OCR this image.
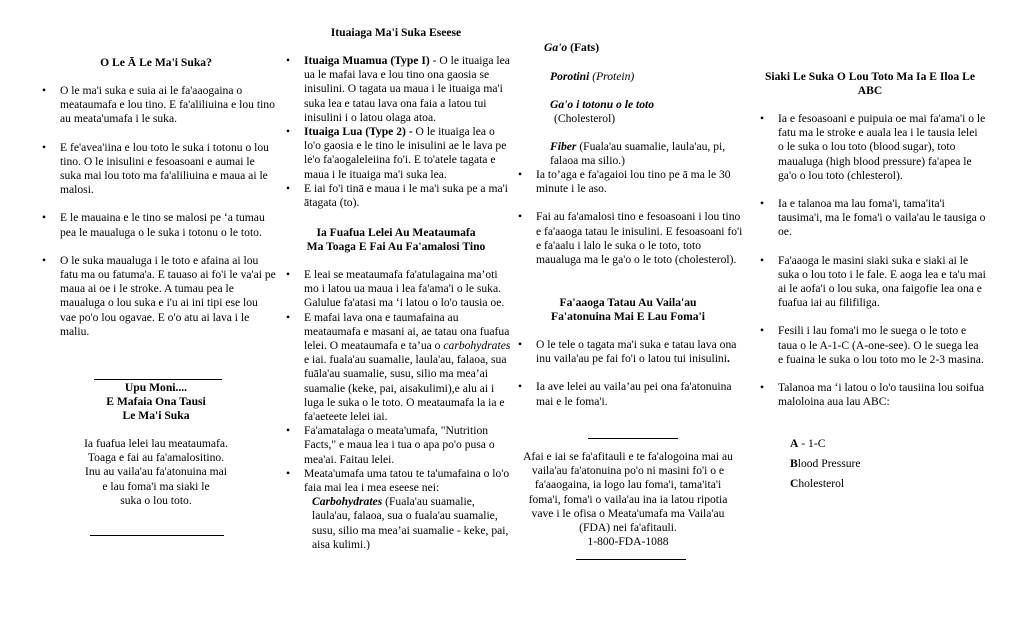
O Le Ā Le Ma'i Suka?
• O le ma'i suka e suia ai le fa'aaogaina o meataumafa e lou tino. E fa'aliliuina e lou tino au meata'umafa i le suka.
• E fe'avea'iina e lou toto le suka i totonu o lou tino. O le inisulini e fesoasoani e aumai le suka mai lou toto ma fa'aliliuina e maua ai le malosi.
• E le mauaina e le tino se malosi pe ‘a tumau pea le maualuga o le suka i totonu o le toto.
• O le suka maualuga i le toto e afaina ai lou fatu ma ou fatuma'a. E tauaso ai fo'i le va'ai pe maua ai oe i le stroke. A tumau pea le maualuga o lou suka e i'u ai ini tipi ese lou vae po'o lou ogavae. E o'o atu ai lava i le maliu.
Upu Moni....
E Mafaia Ona Tausi
Le Ma'i Suka
Ia fuafua lelei lau meataumafa.
Toaga e fai au fa'amalositino.
Inu au vaila'au fa'atonuina mai
e lau foma'i ma siaki le
suka o lou toto.
Ituaiaga Ma'i Suka Eseese
• Ituaiga Muamua (Type I) - O le ituaiga lea ua le mafai lava e lou tino ona gaosia se inisulini. O tagata ua maua i le ituaiga ma'i suka lea e tatau lava ona faia a latou tui inisulini i o latou olaga atoa.
• Ituaiga Lua (Type 2) - O le ituaiga lea o lo'o gaosia e le tino le inisulini ae le lava pe le'o fa'aogaleleiina fo'i. E to'atele tagata e maua i le ituaiga ma'i suka lea.
• E iai fo'i tinā e maua i le ma'i suka pe a ma'i ātagata (to).
Ia Fuafua Lelei Au Meataumafa
Ma Toaga E Fai Au Fa'amalosi Tino
• E leai se meataumafa fa'atulagaina ma’oti mo i latou ua maua i lea fa'ama'i o le suka. Galulue fa'atasi ma ‘i latou o lo'o tausia oe.
• E mafai lava ona e taumafaina au meataumafa e masani ai, ae tatau ona fuafua lelei. O meataumafa e ta’ua o carbohydrates e iai. fuala'au suamalie, laula'au, falaoa, sua fuāla'au suamalie, susu, silio ma mea’ai suamalie (keke, pai, aisakulimi),e alu ai i luga le suka o le toto. O meataumafa la ia e fa'aeteete lelei iai.
• Fa'amatalaga o meata'umafa, "Nutrition Facts," e maua lea i tua o apa po'o pusa o mea'ai. Faitau lelei.
• Meata'umafa uma tatou te ta'umafaina o lo'o faia mai lea i mea eseese nei:
Carbohydrates (Fuala'au suamalie, laula'au, falaoa, sua o fuala'au suamalie, susu, silio ma mea’ai suamalie - keke, pai, aisa kulimi.)
Ga'o (Fats)
Porotini (Protein)
Ga'o i totonu o le toto
(Cholesterol)
Fiber (Fuala'au suamalie, laula'au, pi, falaoa ma silio.)
• Ia to’aga e fa'agaioi lou tino pe ā ma le 30 minute i le aso.
• Fai au fa'amalosi tino e fesoasoani i lou tino e fa'aaoga tatau le inisulini. E fesoasoani fo'i e fa'aalu i lalo le suka o le toto, toto maualuga ma le ga'o o le toto (cholesterol).
Fa'aaoga Tatau Au Vaila'au
Fa'atonuina Mai E Lau Foma'i
• O le tele o tagata ma'i suka e tatau lava ona inu vaila'au pe fai fo'i o latou tui inisulini.
• Ia ave lelei au vaila’au pei ona fa'atonuina mai e le foma'i.
Afai e iai se fa'afitauli e te fa'alogoina mai au
vaila'au fa'atonuina po'o ni masini fo'i o e
fa'aaogaina, ia logo lau foma'i, tama'ita'i
foma'i, foma'i o vaila'au ina ia latou ripotia
vave i le ofisa o Meata'umafa ma Vaila'au
(FDA) nei fa'afitauli.
1-800-FDA-1088
Siaki Le Suka O Lou Toto Ma Ia E Iloa Le
ABC
• Ia e fesoasoani e puipuia oe mai fa'ama'i o le fatu ma le stroke e auala lea i le tausia lelei o le suka o lou toto (blood sugar), toto maualuga (high blood pressure) fa'apea le ga'o o lou toto (chlesterol).
• Ia e talanoa ma lau foma'i, tama'ita'i tausima'i, ma le foma'i o vaila'au le tausiga o oe.
• Fa'aaoga le masini siaki suka e siaki ai le suka o lou toto i le fale. E aoga lea e ta'u mai ai le aofa'i o lou suka, ona faigofie lea ona e fuafua iai au filifiliga.
• Fesili i lau foma'i mo le suega o le toto e taua o le A-1-C (A-one-see). O le suega lea e fuaina le suka o lou toto mo le 2-3 masina.
• Talanoa ma ‘i latou o lo'o tausiina lou soifua maloloina aua lau ABC:
A - 1-C
Blood Pressure
Cholesterol
